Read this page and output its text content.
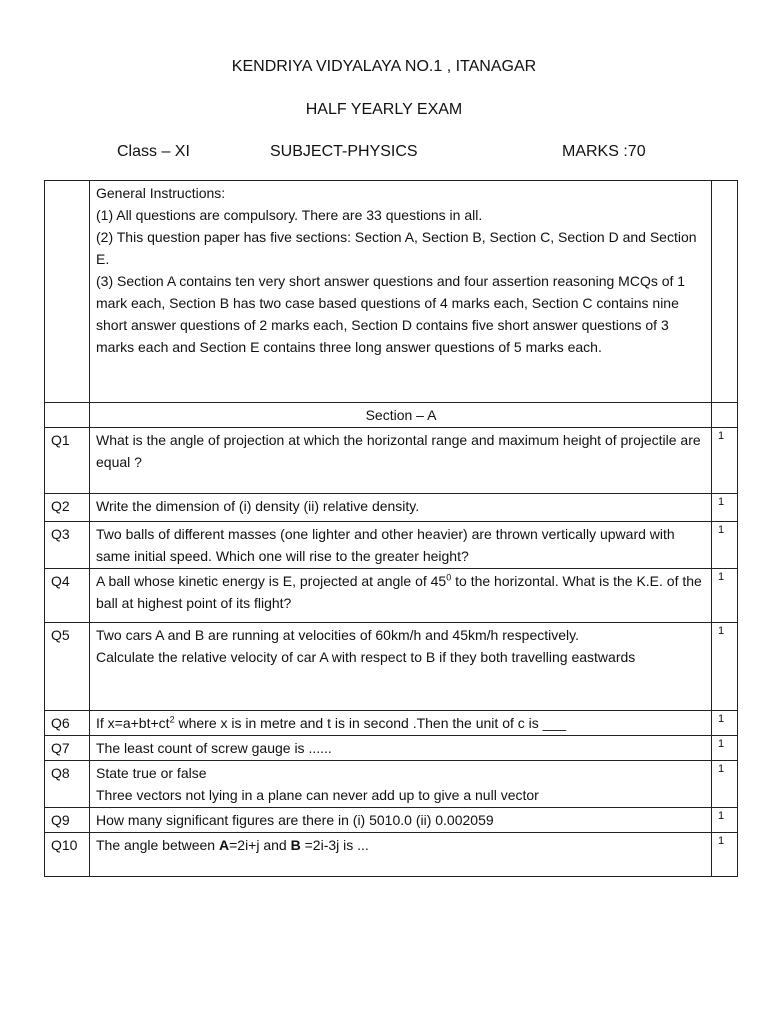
KENDRIYA VIDYALAYA NO.1 , ITANAGAR
HALF YEARLY EXAM
Class – XI	SUBJECT-PHYSICS	MARKS :70

	General Instructions:

(1) All questions are compulsory. There are 33 questions in all.

(2) This question paper has five sections: Section A, Section B, Section C, Section D and Section E.

(3) Section A contains ten very short answer questions and four assertion reasoning MCQs of 1 mark each, Section B has two case based questions of 4 marks each, Section C contains nine short answer questions of 2 marks each, Section D contains five short answer questions of 3 marks each and Section E contains three long answer questions of 5 marks each.	

	Section – A	
Q1	What is the angle of projection at which the horizontal range and maximum height of projectile are equal ?	1
Q2	Write the dimension of (i) density (ii) relative density.	1
Q3	Two balls of different masses (one lighter and other heavier) are thrown vertically upward with same initial speed. Which one will rise to the greater height?	1
Q4	A ball whose kinetic energy is E, projected at angle of $45^0$ to the horizontal. What is the K.E. of the ball at highest point of its flight?	1
Q5	Two cars A and B are running at velocities of 60km/h and 45km/h respectively.
Calculate the relative velocity of car A with respect to B if they both travelling eastwards	1
Q6	If $x=a+bt+ct^2$ where x is in metre and t is in second .Then the unit of c is ___	1
Q7	The least count of screw gauge is ......	1
Q8	State true or false
Three vectors not lying in a plane can never add up to give a null vector	1
Q9	How many significant figures are there in (i) 5010.0 (ii) 0.002059	1
Q10	The angle between A=2i+j and B =2i-3j is ...	1
